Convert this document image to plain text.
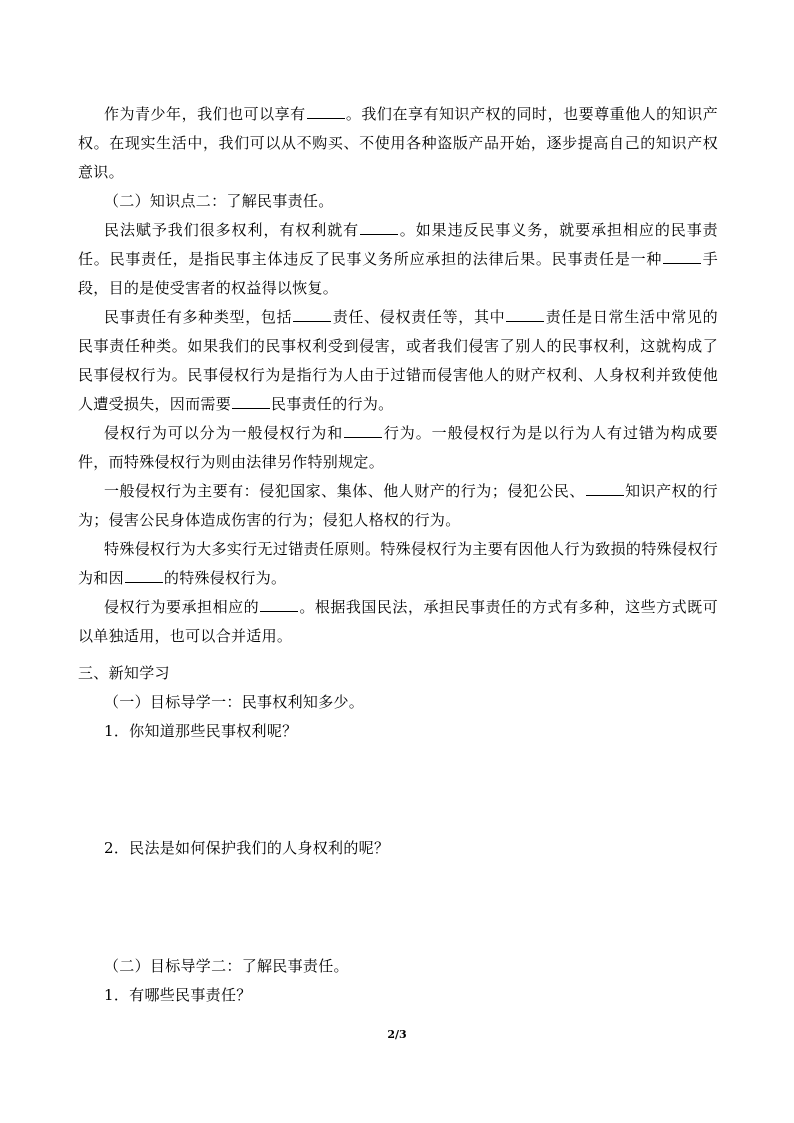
作为青少年，我们也可以享有	。我们在享有知识产权的同时，也要尊重他人的知识产权。在现实生活中，我们可以从不购买、不使用各种盗版产品开始，逐步提高自己的知识产权意识。

（二）知识点二：了解民事责任。

民法赋予我们很多权利，有权利就有	。如果违反民事义务，就要承担相应的民事责任。民事责任，是指民事主体违反了民事义务所应承担的法律后果。民事责任是一种	手段，目的是使受害者的权益得以恢复。

民事责任有多种类型，包括	责任、侵权责任等，其中	责任是日常生活中常见的民事责任种类。如果我们的民事权利受到侵害，或者我们侵害了别人的民事权利，这就构成了民事侵权行为。民事侵权行为是指行为人由于过错而侵害他人的财产权利、人身权利并致使他人遭受损失，因而需要	民事责任的行为。

侵权行为可以分为一般侵权行为和	行为。一般侵权行为是以行为人有过错为构成要件，而特殊侵权行为则由法律另作特别规定。

一般侵权行为主要有：侵犯国家、集体、他人财产的行为；侵犯公民、	知识产权的行为；侵害公民身体造成伤害的行为；侵犯人格权的行为。

特殊侵权行为大多实行无过错责任原则。特殊侵权行为主要有因他人行为致损的特殊侵权行为和因	的特殊侵权行为。

侵权行为要承担相应的	。根据我国民法，承担民事责任的方式有多种，这些方式既可以单独适用，也可以合并适用。

三、新知学习

（一）目标导学一：民事权利知多少。

1．你知道那些民事权利呢？

2．民法是如何保护我们的人身权利的呢？

（二）目标导学二：了解民事责任。

1．有哪些民事责任？

2/3
